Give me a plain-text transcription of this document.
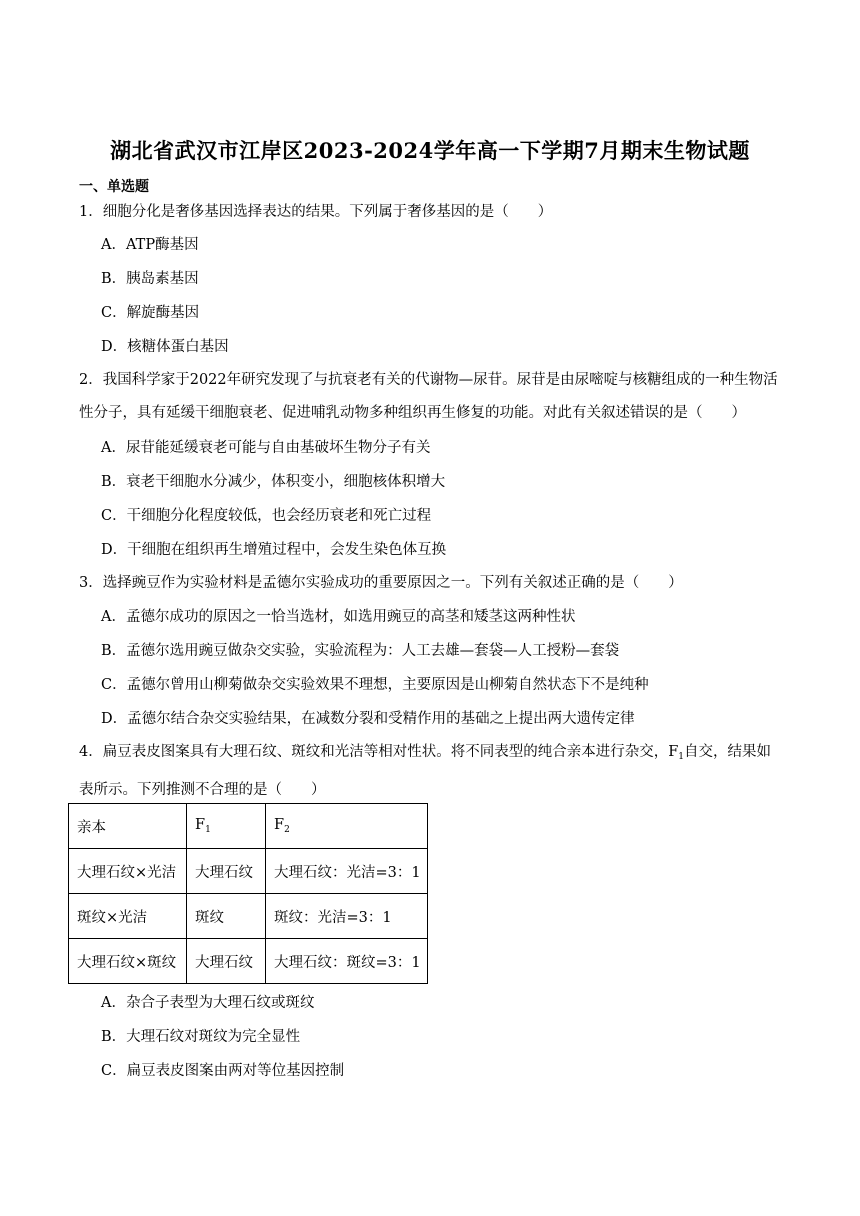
湖北省武汉市江岸区2023-2024学年高一下学期7月期末生物试题
一、单选题
1．细胞分化是奢侈基因选择表达的结果。下列属于奢侈基因的是（　　）
A．ATP酶基因
B．胰岛素基因
C．解旋酶基因
D．核糖体蛋白基因
2．我国科学家于2022年研究发现了与抗衰老有关的代谢物—尿苷。尿苷是由尿嘧啶与核糖组成的一种生物活性分子，具有延缓干细胞衰老、促进哺乳动物多种组织再生修复的功能。对此有关叙述错误的是（　　）
A．尿苷能延缓衰老可能与自由基破坏生物分子有关
B．衰老干细胞水分减少，体积变小，细胞核体积增大
C．干细胞分化程度较低，也会经历衰老和死亡过程
D．干细胞在组织再生增殖过程中，会发生染色体互换
3．选择豌豆作为实验材料是孟德尔实验成功的重要原因之一。下列有关叙述正确的是（　　）
A．孟德尔成功的原因之一恰当选材，如选用豌豆的高茎和矮茎这两种性状
B．孟德尔选用豌豆做杂交实验，实验流程为：人工去雄—套袋—人工授粉—套袋
C．孟德尔曾用山柳菊做杂交实验效果不理想，主要原因是山柳菊自然状态下不是纯种
D．孟德尔结合杂交实验结果，在减数分裂和受精作用的基础之上提出两大遗传定律
4．扁豆表皮图案具有大理石纹、斑纹和光洁等相对性状。将不同表型的纯合亲本进行杂交，$F_1$自交，结果如表所示。下列推测不合理的是（　　）
亲本	$F_1$	$F_2$
大理石纹×光洁	大理石纹	大理石纹：光洁=3：1
斑纹×光洁	斑纹	斑纹：光洁=3：1
大理石纹×斑纹	大理石纹	大理石纹：斑纹=3：1
A．杂合子表型为大理石纹或斑纹
B．大理石纹对斑纹为完全显性
C．扁豆表皮图案由两对等位基因控制
